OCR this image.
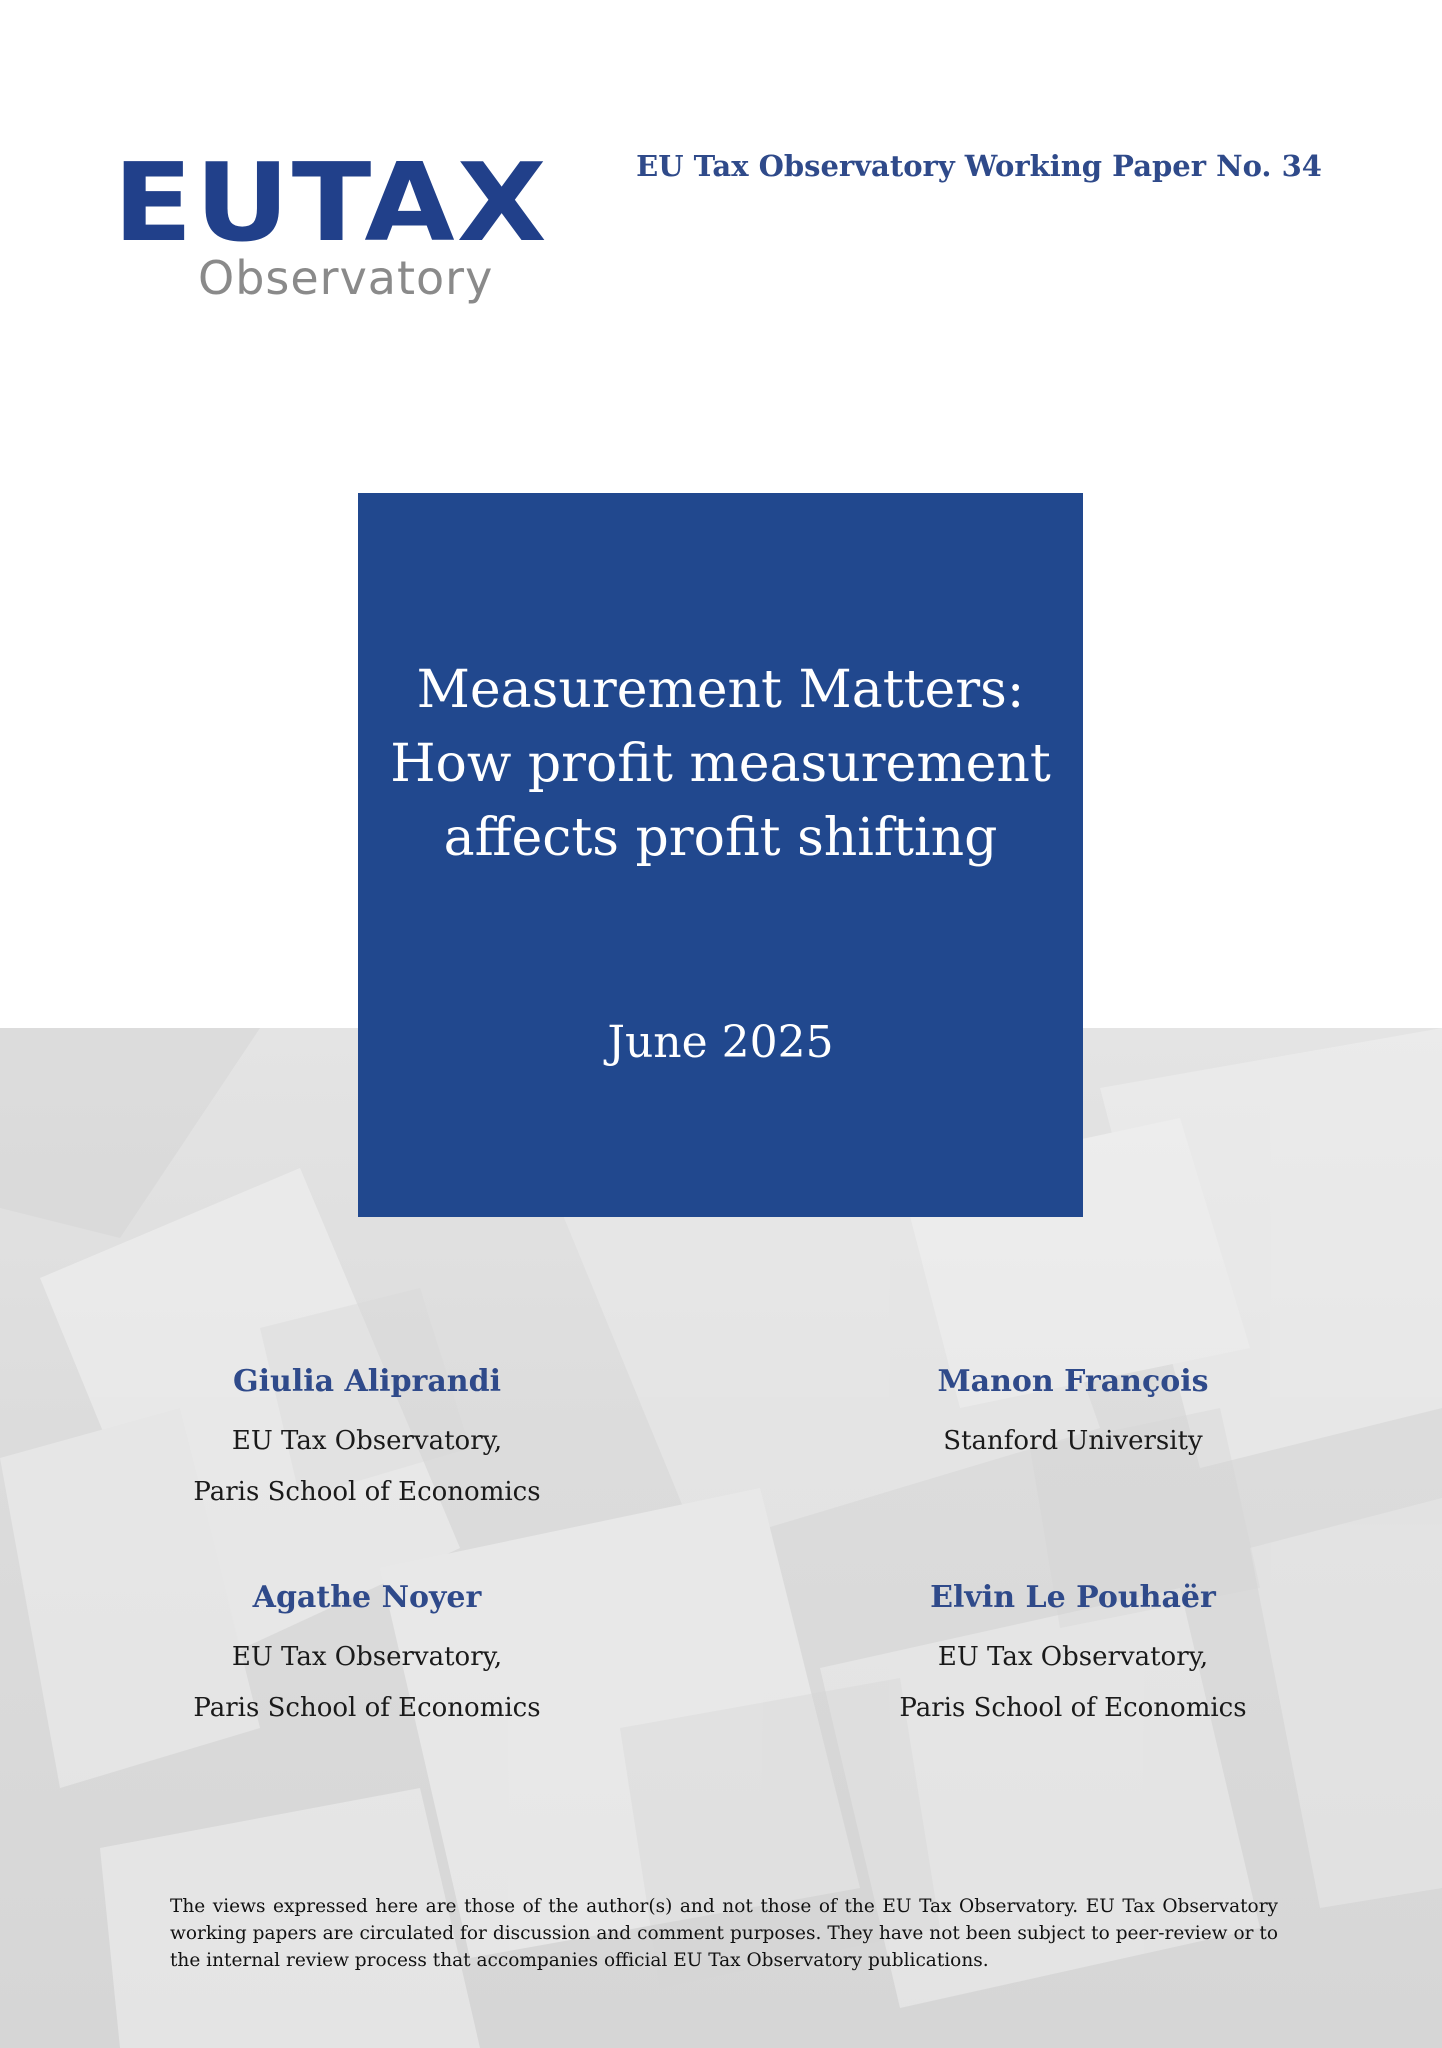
EUTAX
Observatory
EU Tax Observatory Working Paper No. 34
Measurement Matters:
How profit measurement
affects profit shifting
June 2025
Giulia Aliprandi
EU Tax Observatory,
Paris School of Economics
Manon François
Stanford University
Agathe Noyer
EU Tax Observatory,
Paris School of Economics
Elvin Le Pouhaër
EU Tax Observatory,
Paris School of Economics

The views expressed here are those of the author(s) and not those of the EU Tax Observatory. EU Tax Observatory working papers are circulated for discussion and comment purposes. They have not been subject to peer-review or to the internal review process that accompanies official EU Tax Observatory publications.
